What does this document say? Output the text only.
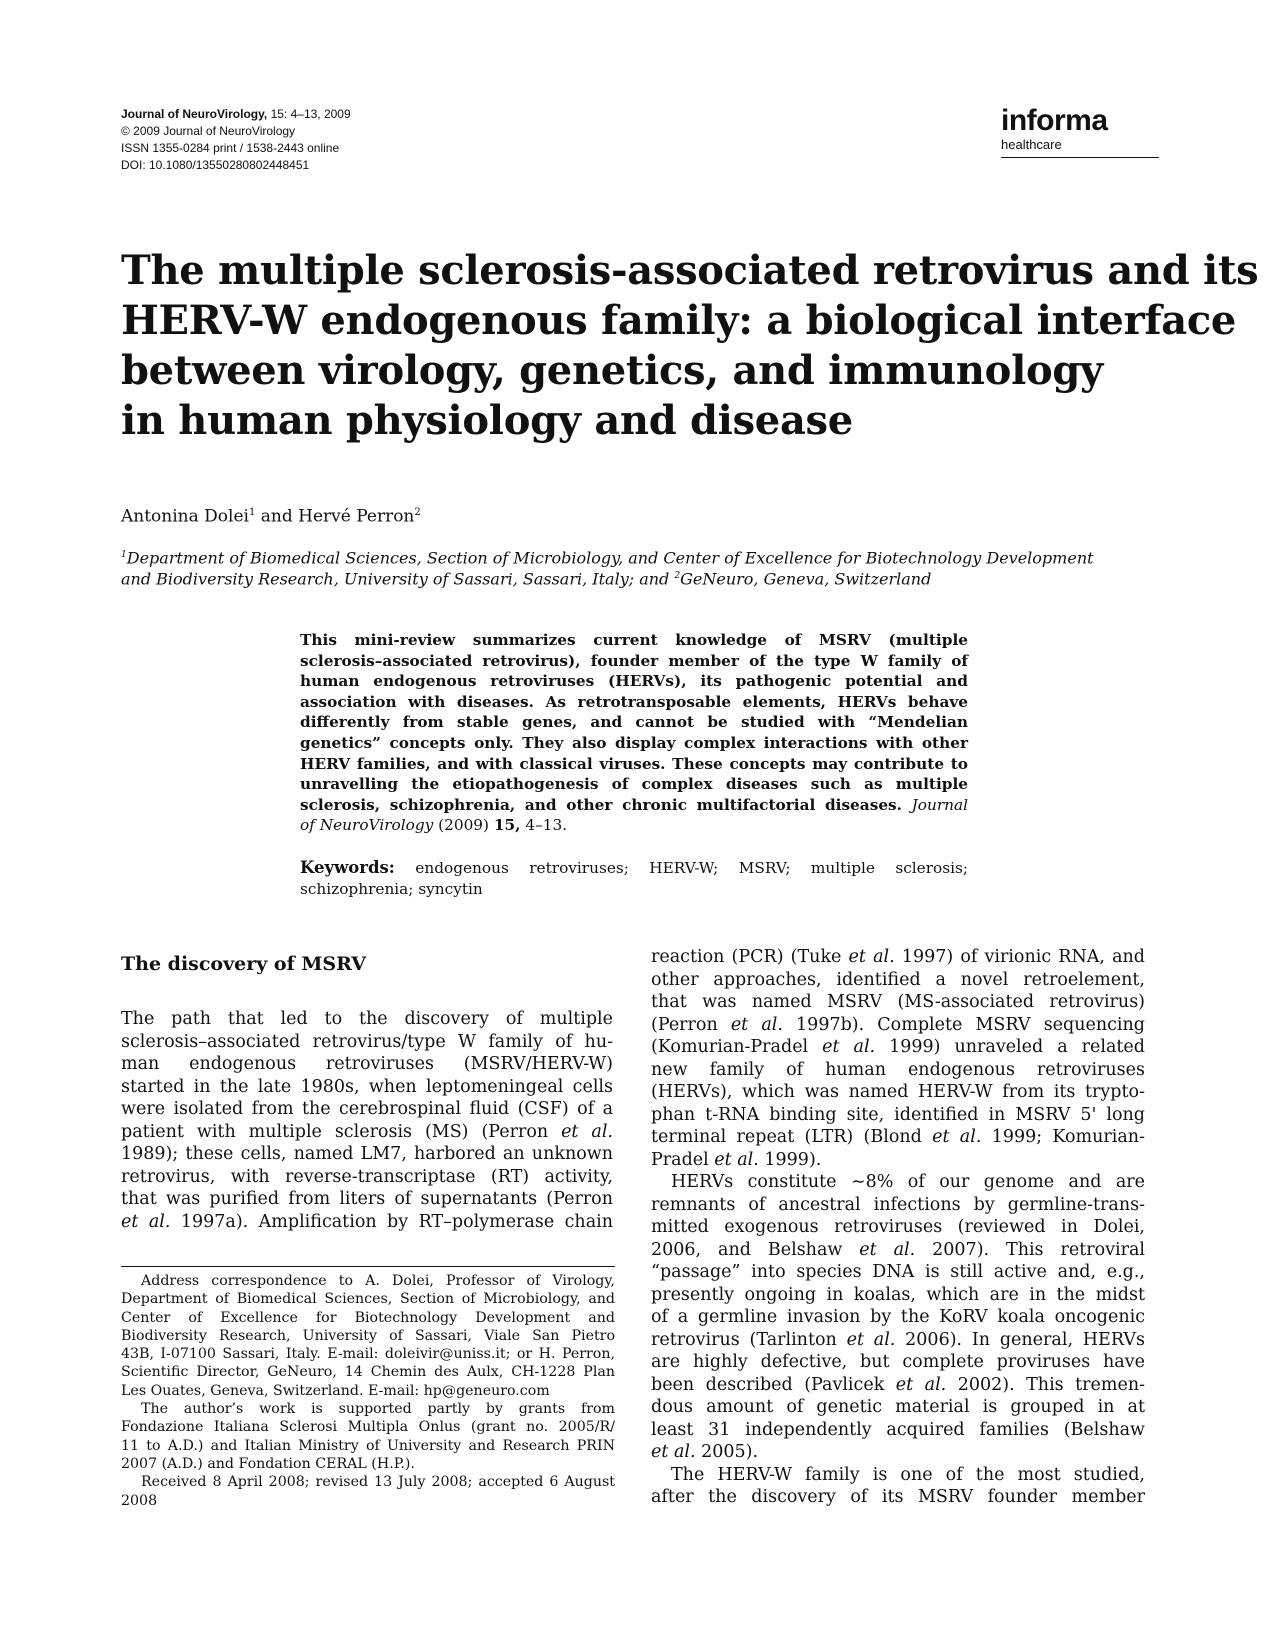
Journal of NeuroVirology, 15: 4–13, 2009
© 2009 Journal of NeuroVirology
ISSN 1355-0284 print / 1538-2443 online
DOI: 10.1080/13550280802448451
informa
healthcare
The multiple sclerosis-associated retrovirus and its
HERV-W endogenous family: a biological interface
between virology, genetics, and immunology
in human physiology and disease
Antonina Dolei$^1$ and Hervé Perron$^2$
$^1$Department of Biomedical Sciences, Section of Microbiology, and Center of Excellence for Biotechnology Development
and Biodiversity Research, University of Sassari, Sassari, Italy; and $^2$GeNeuro, Geneva, Switzerland
This mini-review summarizes current knowledge of MSRV (multiple
sclerosis–associated retrovirus), founder member of the type W family of
human endogenous retroviruses (HERVs), its pathogenic potential and
association with diseases. As retrotransposable elements, HERVs behave
differently from stable genes, and cannot be studied with “Mendelian
genetics” concepts only. They also display complex interactions with other
HERV families, and with classical viruses. These concepts may contribute to
unravelling the etiopathogenesis of complex diseases such as multiple
sclerosis, schizophrenia, and other chronic multifactorial diseases. Journal
of NeuroVirology (2009) 15, 4–13.
Keywords: endogenous retroviruses; HERV-W; MSRV; multiple sclerosis;
schizophrenia; syncytin
The discovery of MSRV
The path that led to the discovery of multiple
sclerosis–associated retrovirus/type W family of hu-
man endogenous retroviruses (MSRV/HERV-W)
started in the late 1980s, when leptomeningeal cells
were isolated from the cerebrospinal fluid (CSF) of a
patient with multiple sclerosis (MS) (Perron et al.
1989); these cells, named LM7, harbored an unknown
retrovirus, with reverse-transcriptase (RT) activity,
that was purified from liters of supernatants (Perron
et al. 1997a). Amplification by RT–polymerase chain
Address correspondence to A. Dolei, Professor of Virology,
Department of Biomedical Sciences, Section of Microbiology, and
Center of Excellence for Biotechnology Development and
Biodiversity Research, University of Sassari, Viale San Pietro
43B, I-07100 Sassari, Italy. E-mail: doleivir@uniss.it; or H. Perron,
Scientific Director, GeNeuro, 14 Chemin des Aulx, CH-1228 Plan
Les Ouates, Geneva, Switzerland. E-mail: hp@geneuro.com
The author’s work is supported partly by grants from
Fondazione Italiana Sclerosi Multipla Onlus (grant no. 2005/R/
11 to A.D.) and Italian Ministry of University and Research PRIN
2007 (A.D.) and Fondation CERAL (H.P.).
Received 8 April 2008; revised 13 July 2008; accepted 6 August
2008
reaction (PCR) (Tuke et al. 1997) of virionic RNA, and
other approaches, identified a novel retroelement,
that was named MSRV (MS-associated retrovirus)
(Perron et al. 1997b). Complete MSRV sequencing
(Komurian-Pradel et al. 1999) unraveled a related
new family of human endogenous retroviruses
(HERVs), which was named HERV-W from its trypto-
phan t-RNA binding site, identified in MSRV 5' long
terminal repeat (LTR) (Blond et al. 1999; Komurian-
Pradel et al. 1999).
HERVs constitute ∼8% of our genome and are
remnants of ancestral infections by germline-trans-
mitted exogenous retroviruses (reviewed in Dolei,
2006, and Belshaw et al. 2007). This retroviral
“passage” into species DNA is still active and, e.g.,
presently ongoing in koalas, which are in the midst
of a germline invasion by the KoRV koala oncogenic
retrovirus (Tarlinton et al. 2006). In general, HERVs
are highly defective, but complete proviruses have
been described (Pavlicek et al. 2002). This tremen-
dous amount of genetic material is grouped in at
least 31 independently acquired families (Belshaw
et al. 2005).
The HERV-W family is one of the most studied,
after the discovery of its MSRV founder member
